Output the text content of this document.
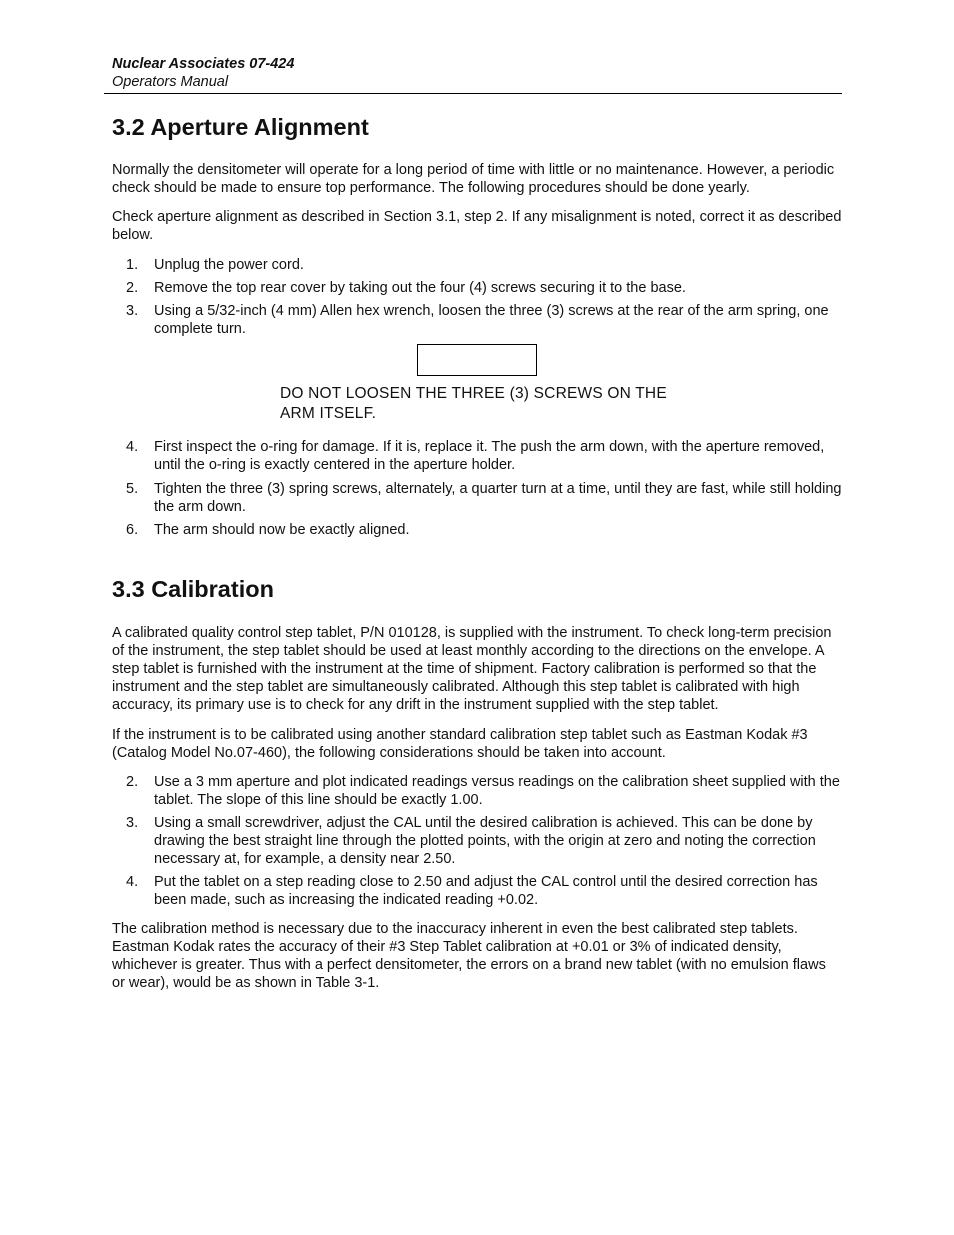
Nuclear Associates 07-424
Operators Manual
3.2 Aperture Alignment

Normally the densitometer will operate for a long period of time with little or no maintenance. However, a periodic check should be made to ensure top performance. The following procedures should be done yearly.

Check aperture alignment as described in Section 3.1, step 2. If any misalignment is noted, correct it as described below.

1. Unplug the power cord.
2. Remove the top rear cover by taking out the four (4) screws securing it to the base.
3. Using a 5/32-inch (4 mm) Allen hex wrench, loosen the three (3) screws at the rear of the arm spring, one complete turn.
DO NOT LOOSEN THE THREE (3) SCREWS ON THE ARM ITSELF.
4. First inspect the o-ring for damage. If it is, replace it. The push the arm down, with the aperture removed, until the o-ring is exactly centered in the aperture holder.
5. Tighten the three (3) spring screws, alternately, a quarter turn at a time, until they are fast, while still holding the arm down.
6. The arm should now be exactly aligned.
3.3 Calibration

A calibrated quality control step tablet, P/N 010128, is supplied with the instrument. To check long-term precision of the instrument, the step tablet should be used at least monthly according to the directions on the envelope. A step tablet is furnished with the instrument at the time of shipment. Factory calibration is performed so that the instrument and the step tablet are simultaneously calibrated. Although this step tablet is calibrated with high accuracy, its primary use is to check for any drift in the instrument supplied with the step tablet.

If the instrument is to be calibrated using another standard calibration step tablet such as Eastman Kodak #3 (Catalog Model No.07-460), the following considerations should be taken into account.

2. Use a 3 mm aperture and plot indicated readings versus readings on the calibration sheet supplied with the tablet. The slope of this line should be exactly 1.00.
3. Using a small screwdriver, adjust the CAL until the desired calibration is achieved. This can be done by drawing the best straight line through the plotted points, with the origin at zero and noting the correction necessary at, for example, a density near 2.50.
4. Put the tablet on a step reading close to 2.50 and adjust the CAL control until the desired correction has been made, such as increasing the indicated reading +0.02.

The calibration method is necessary due to the inaccuracy inherent in even the best calibrated step tablets. Eastman Kodak rates the accuracy of their #3 Step Tablet calibration at +0.01 or 3% of indicated density, whichever is greater. Thus with a perfect densitometer, the errors on a brand new tablet (with no emulsion flaws or wear), would be as shown in Table 3-1.
